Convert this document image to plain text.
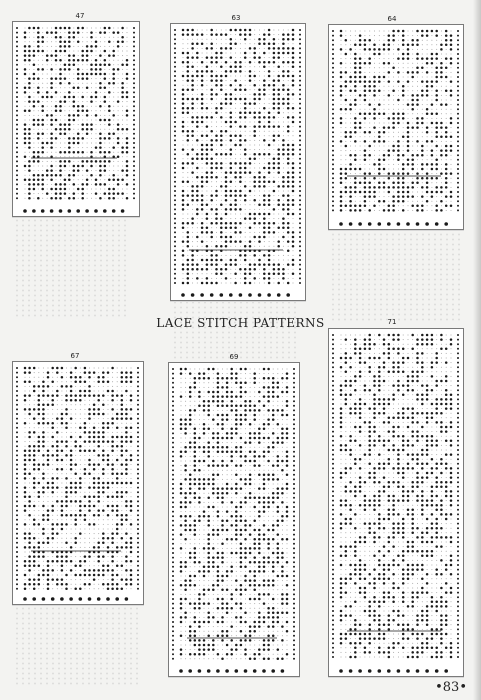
47	63	64
LACE STITCH PATTERNS
67	69
71
•83•
